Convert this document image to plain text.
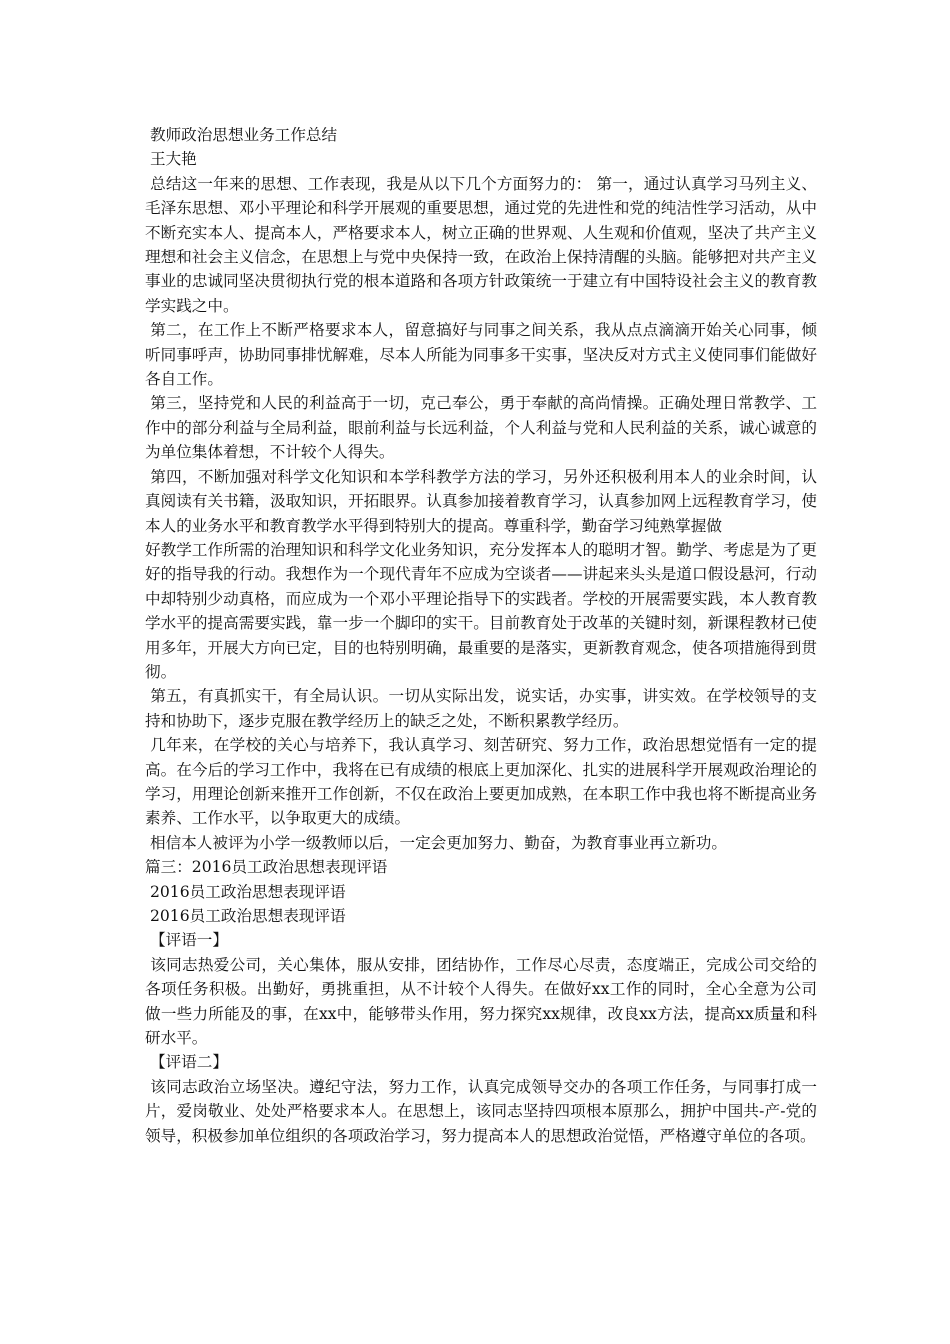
教师政治思想业务工作总结

王大艳

总结这一年来的思想、工作表现，我是从以下几个方面努力的： 第一，通过认真学习马列主义、毛泽东思想、邓小平理论和科学开展观的重要思想，通过党的先进性和党的纯洁性学习活动，从中不断充实本人、提高本人，严格要求本人，树立正确的世界观、人生观和价值观，坚决了共产主义理想和社会主义信念，在思想上与党中央保持一致，在政治上保持清醒的头脑。能够把对共产主义事业的忠诚同坚决贯彻执行党的根本道路和各项方针政策统一于建立有中国特设社会主义的教育教学实践之中。

第二，在工作上不断严格要求本人，留意搞好与同事之间关系，我从点点滴滴开始关心同事，倾听同事呼声，协助同事排忧解难，尽本人所能为同事多干实事，坚决反对方式主义使同事们能做好各自工作。

第三，坚持党和人民的利益高于一切，克己奉公，勇于奉献的高尚情操。正确处理日常教学、工作中的部分利益与全局利益，眼前利益与长远利益，个人利益与党和人民利益的关系，诚心诚意的为单位集体着想，不计较个人得失。

第四，不断加强对科学文化知识和本学科教学方法的学习，另外还积极利用本人的业余时间，认真阅读有关书籍，汲取知识，开拓眼界。认真参加接着教育学习，认真参加网上远程教育学习，使本人的业务水平和教育教学水平得到特别大的提高。尊重科学，勤奋学习纯熟掌握做

好教学工作所需的治理知识和科学文化业务知识，充分发挥本人的聪明才智。勤学、考虑是为了更好的指导我的行动。我想作为一个现代青年不应成为空谈者——讲起来头头是道口假设悬河，行动中却特别少动真格，而应成为一个邓小平理论指导下的实践者。学校的开展需要实践，本人教育教学水平的提高需要实践，靠一步一个脚印的实干。目前教育处于改革的关键时刻，新课程教材已使用多年，开展大方向已定，目的也特别明确，最重要的是落实，更新教育观念，使各项措施得到贯彻。

第五，有真抓实干，有全局认识。一切从实际出发，说实话，办实事，讲实效。在学校领导的支持和协助下，逐步克服在教学经历上的缺乏之处，不断积累教学经历。

几年来，在学校的关心与培养下，我认真学习、刻苦研究、努力工作，政治思想觉悟有一定的提高。在今后的学习工作中，我将在已有成绩的根底上更加深化、扎实的进展科学开展观政治理论的学习，用理论创新来推开工作创新，不仅在政治上要更加成熟，在本职工作中我也将不断提高业务素养、工作水平，以争取更大的成绩。

相信本人被评为小学一级教师以后，一定会更加努力、勤奋，为教育事业再立新功。

篇三：2016员工政治思想表现评语

2016员工政治思想表现评语

2016员工政治思想表现评语

【评语一】

该同志热爱公司，关心集体，服从安排，团结协作，工作尽心尽责，态度端正，完成公司交给的各项任务积极。出勤好，勇挑重担，从不计较个人得失。在做好xx工作的同时，全心全意为公司做一些力所能及的事，在xx中，能够带头作用，努力探究xx规律，改良xx方法，提高xx质量和科研水平。

【评语二】

该同志政治立场坚决。遵纪守法，努力工作，认真完成领导交办的各项工作任务，与同事打成一片，爱岗敬业、处处严格要求本人。在思想上，该同志坚持四项根本原那么，拥护中国共-产-党的领导，积极参加单位组织的各项政治学习，努力提高本人的思想政治觉悟，严格遵守单位的各项。
